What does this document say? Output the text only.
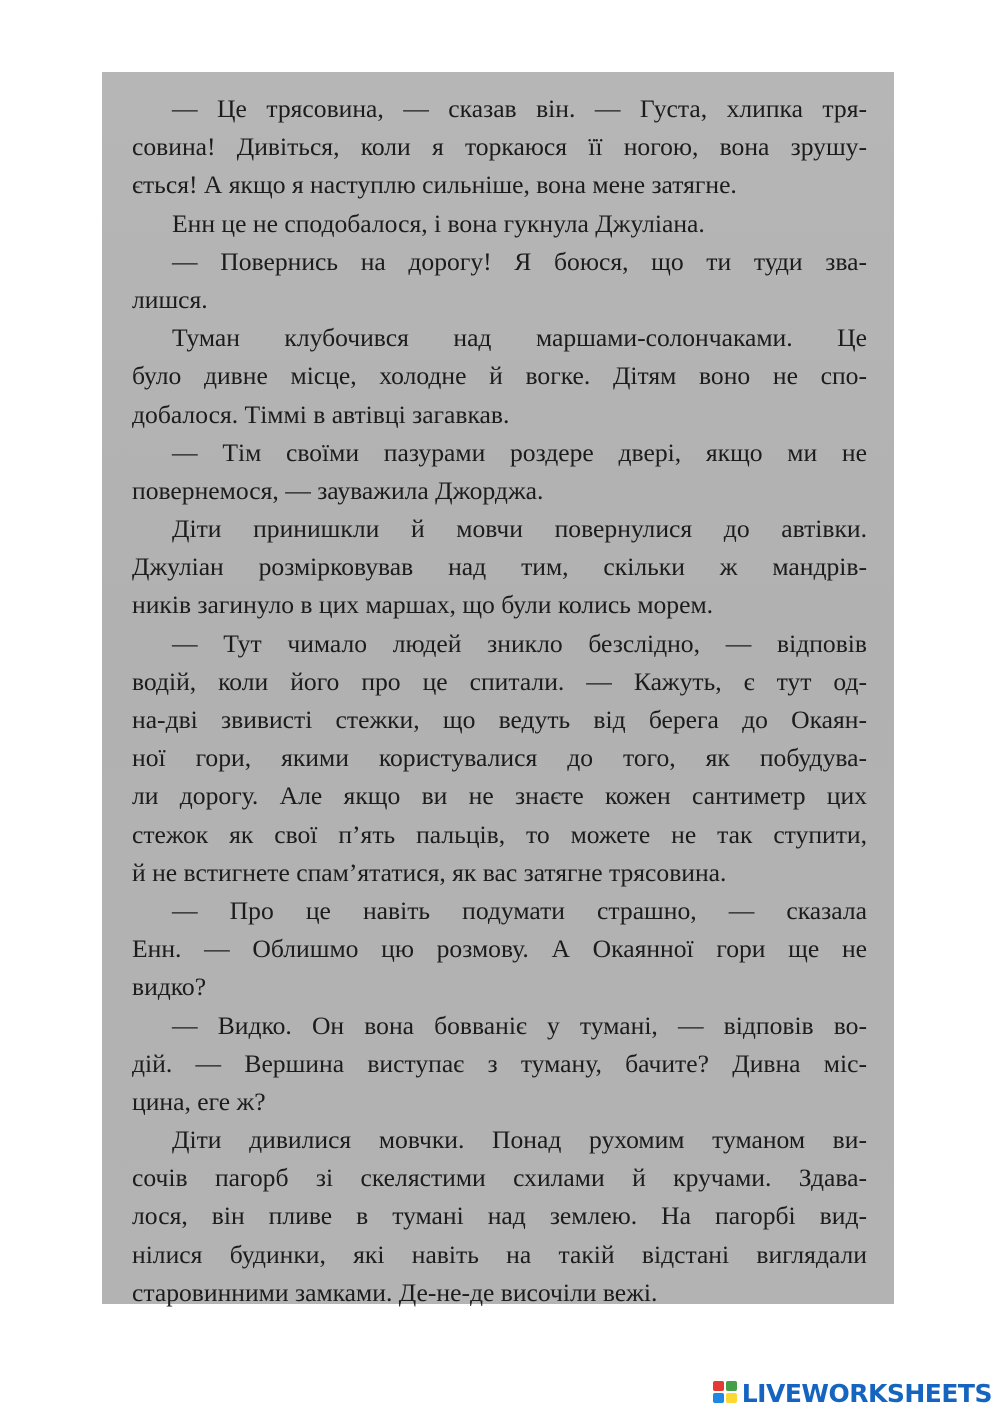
— Це трясовина, — сказав він. — Густа, хлипка тря-
совина! Дивіться, коли я торкаюся її ногою, вона зрушу-
ється! А якщо я наступлю сильніше, вона мене затягне.
Енн це не сподобалося, і вона гукнула Джуліана.
— Повернись на дорогу! Я боюся, що ти туди зва-
лишся.
Туман клубочився над маршами-солончаками. Це
було дивне місце, холодне й вогке. Дітям воно не спо-
добалося. Тіммі в автівці загавкав.
— Тім своїми пазурами роздере двері, якщо ми не
повернемося, — зауважила Джорджа.
Діти принишкли й мовчи повернулися до автівки.
Джуліан розмірковував над тим, скільки ж мандрів-
ників загинуло в цих маршах, що були колись морем.
— Тут чимало людей зникло безслідно, — відповів
водій, коли його про це спитали. — Кажуть, є тут од-
на-дві звивисті стежки, що ведуть від берега до Окаян-
ної гори, якими користувалися до того, як побудува-
ли дорогу. Але якщо ви не знаєте кожен сантиметр цих
стежок як свої п’ять пальців, то можете не так ступити,
й не встигнете спам’ятатися, як вас затягне трясовина.
— Про це навіть подумати страшно, — сказала
Енн. — Облишмо цю розмову. А Окаянної гори ще не
видко?
— Видко. Он вона бовваніє у тумані, — відповів во-
дій. — Вершина виступає з туману, бачите? Дивна міс-
цина, еге ж?
Діти дивилися мовчки. Понад рухомим туманом ви-
сочів пагорб зі скелястими схилами й кручами. Здава-
лося, він пливе в тумані над землею. На пагорбі вид-
нілися будинки, які навіть на такій відстані виглядали
старовинними замками. Де-не-де височіли вежі.
LIVEWORKSHEETS
